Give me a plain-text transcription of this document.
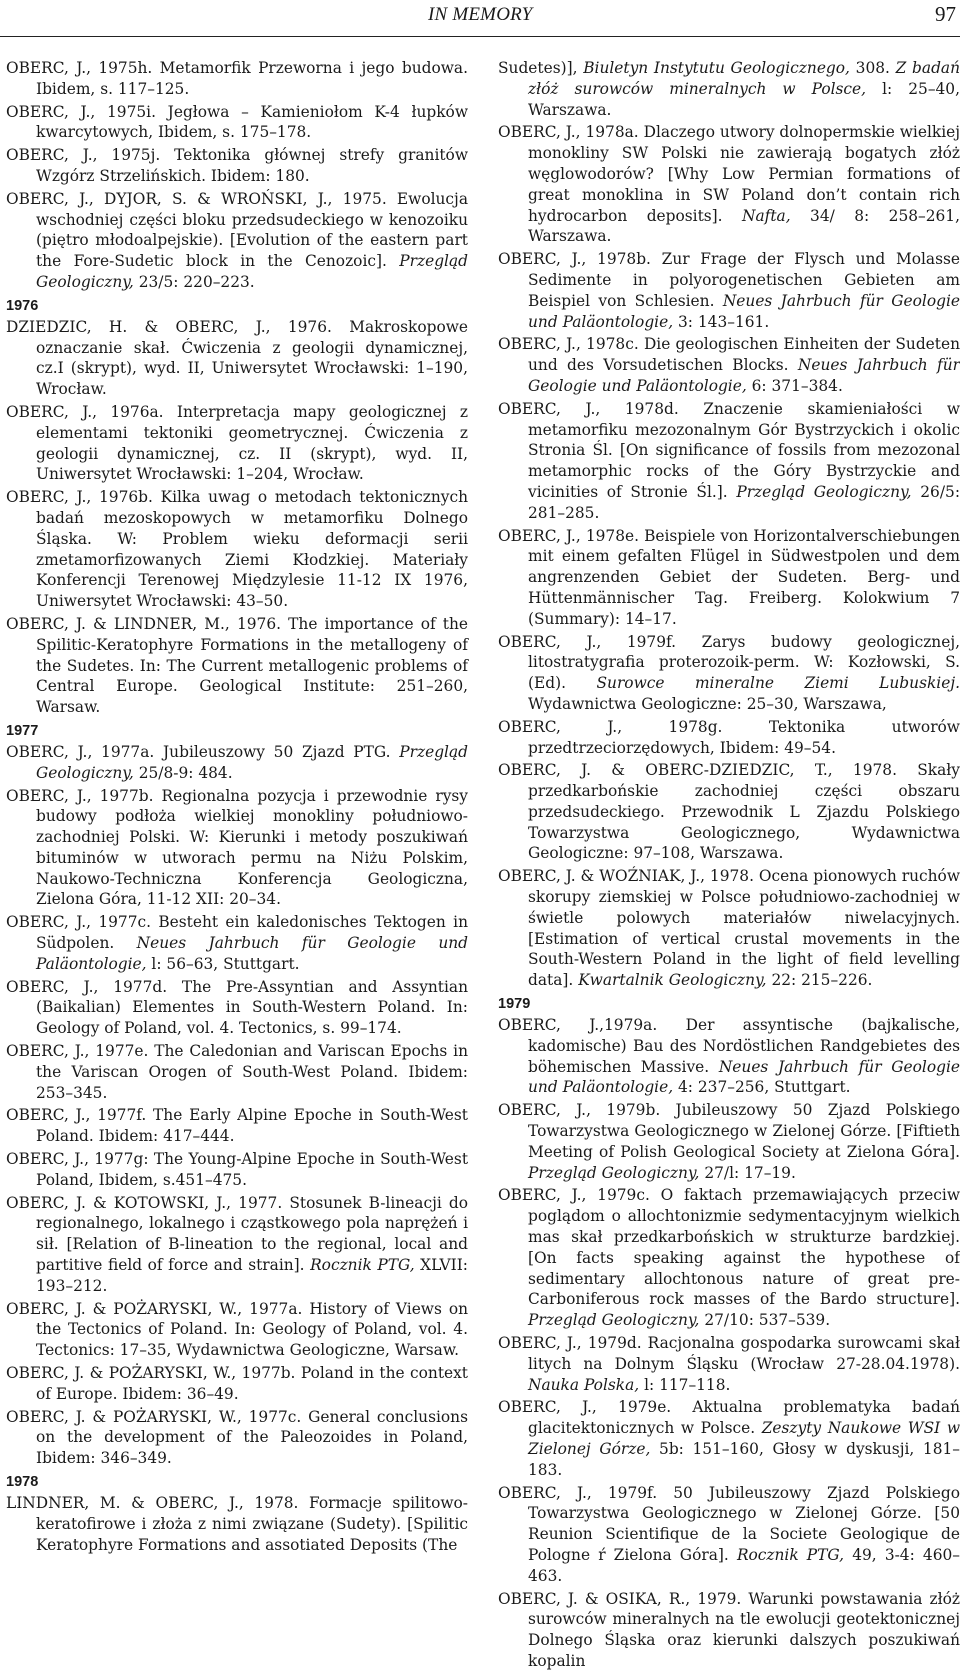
IN MEMORY	97

OBERC, J., 1975h. Metamorfik Przeworna i jego budowa. Ibidem, s. 117–125.

OBERC, J., 1975i. Jegłowa – Kamieniołom K-4 łupków kwarcytowych, Ibidem, s. 175–178.

OBERC, J., 1975j. Tektonika głównej strefy granitów Wzgórz Strzelińskich. Ibidem: 180.

OBERC, J., DYJOR, S. & WROŃSKI, J., 1975. Ewolucja wschodniej części bloku przedsudeckiego w kenozoiku (piętro młodoalpejskie). [Evolution of the eastern part the Fore-Sudetic block in the Cenozoic]. Przegląd Geologiczny, 23/5: 220–223.

1976

DZIEDZIC, H. & OBERC, J., 1976. Makroskopowe oznaczanie skał. Ćwiczenia z geologii dynamicznej, cz.I (skrypt), wyd. II, Uniwersytet Wrocławski: 1–190, Wrocław.

OBERC, J., 1976a. Interpretacja mapy geologicznej z elementami tektoniki geometrycznej. Ćwiczenia z geologii dynamicznej, cz. II (skrypt), wyd. II, Uniwersytet Wrocławski: 1–204, Wrocław.

OBERC, J., 1976b. Kilka uwag o metodach tektonicznych badań mezoskopowych w metamorfiku Dolnego Śląska. W: Problem wieku deformacji serii zmetamorfizowanych Ziemi Kłodzkiej. Materiały Konferencji Terenowej Międzylesie 11-12 IX 1976, Uniwersytet Wrocławski: 43–50.

OBERC, J. & LINDNER, M., 1976. The importance of the Spilitic-Keratophyre Formations in the metallogeny of the Sudetes. In: The Current metallogenic problems of Central Europe. Geological Institute: 251–260, Warsaw.

1977

OBERC, J., 1977a. Jubileuszowy 50 Zjazd PTG. Przegląd Geologiczny, 25/8-9: 484.

OBERC, J., 1977b. Regionalna pozycja i przewodnie rysy budowy podłoża wielkiej monokliny południowo-zachodniej Polski. W: Kierunki i metody poszukiwań bituminów w utworach permu na Niżu Polskim, Naukowo-Techniczna Konferencja Geologiczna, Zielona Góra, 11-12 XII: 20–34.

OBERC, J., 1977c. Besteht ein kaledonisches Tektogen in Südpolen. Neues Jahrbuch für Geologie und Paläontologie, l: 56–63, Stuttgart.

OBERC, J., 1977d. The Pre-Assyntian and Assyntian (Baikalian) Elementes in South-Western Poland. In: Geology of Poland, vol. 4. Tectonics, s. 99–174.

OBERC, J., 1977e. The Caledonian and Variscan Epochs in the Variscan Orogen of South-West Poland. Ibidem: 253–345.

OBERC, J., 1977f. The Early Alpine Epoche in South-West Poland. Ibidem: 417–444.

OBERC, J., 1977g: The Young-Alpine Epoche in South-West Poland, Ibidem, s.451–475.

OBERC, J. & KOTOWSKI, J., 1977. Stosunek B-lineacji do regionalnego, lokalnego i cząstkowego pola naprężeń i sił. [Relation of B-lineation to the regional, local and partitive field of force and strain]. Rocznik PTG, XLVII: 193–212.

OBERC, J. & POŻARYSKI, W., 1977a. History of Views on the Tectonics of Poland. In: Geology of Poland, vol. 4. Tectonics: 17–35, Wydawnictwa Geologiczne, Warsaw.

OBERC, J. & POŻARYSKI, W., 1977b. Poland in the context of Europe. Ibidem: 36–49.

OBERC, J. & POŻARYSKI, W., 1977c. General conclusions on the development of the Paleozoides in Poland, Ibidem: 346–349.

1978

LINDNER, M. & OBERC, J., 1978. Formacje spilitowo-keratofirowe i złoża z nimi związane (Sudety). [Spilitic Keratophyre Formations and assotiated Deposits (The

Sudetes)], Biuletyn Instytutu Geologicznego, 308. Z badań złóż surowców mineralnych w Polsce, l: 25–40, Warszawa.

OBERC, J., 1978a. Dlaczego utwory dolnopermskie wielkiej monokliny SW Polski nie zawierają bogatych złóż węglowodorów? [Why Low Permian formations of great monoklina in SW Poland don’t contain rich hydrocarbon deposits]. Nafta, 34/ 8: 258–261, Warszawa.

OBERC, J., 1978b. Zur Frage der Flysch und Molasse Sedimente in polyorogenetischen Gebieten am Beispiel von Schlesien. Neues Jahrbuch für Geologie und Paläontologie, 3: 143–161.

OBERC, J., 1978c. Die geologischen Einheiten der Sudeten und des Vorsudetischen Blocks. Neues Jahrbuch für Geologie und Paläontologie, 6: 371–384.

OBERC, J., 1978d. Znaczenie skamieniałości w metamorfiku mezozonalnym Gór Bystrzyckich i okolic Stronia Śl. [On significance of fossils from mezozonal metamorphic rocks of the Góry Bystrzyckie and vicinities of Stronie Śl.]. Przegląd Geologiczny, 26/5: 281–285.

OBERC, J., 1978e. Beispiele von Horizontalverschiebungen mit einem gefalten Flügel in Südwestpolen und dem angrenzenden Gebiet der Sudeten. Berg- und Hüttenmännischer Tag. Freiberg. Kolokwium 7 (Summary): 14–17.

OBERC, J., 1979f. Zarys budowy geologicznej, litostratygrafia proterozoik-perm. W: Kozłowski, S. (Ed). Surowce mineralne Ziemi Lubuskiej. Wydawnictwa Geologiczne: 25–30, Warszawa,

OBERC, J., 1978g. Tektonika utworów przedtrzeciorzędowych, Ibidem: 49–54.

OBERC, J. & OBERC-DZIEDZIC, T., 1978. Skały przedkarbońskie zachodniej części obszaru przedsudeckiego. Przewodnik L Zjazdu Polskiego Towarzystwa Geologicznego, Wydawnictwa Geologiczne: 97–108, Warszawa.

OBERC, J. & WOŹNIAK, J., 1978. Ocena pionowych ruchów skorupy ziemskiej w Polsce południowo-zachodniej w świetle polowych materiałów niwelacyjnych. [Estimation of vertical crustal movements in the South-Western Poland in the light of field levelling data]. Kwartalnik Geologiczny, 22: 215–226.

1979

OBERC, J.,1979a. Der assyntische (bajkalische, kadomische) Bau des Nordöstlichen Randgebietes des böhemischen Massive. Neues Jahrbuch für Geologie und Paläontologie, 4: 237–256, Stuttgart.

OBERC, J., 1979b. Jubileuszowy 50 Zjazd Polskiego Towarzystwa Geologicznego w Zielonej Górze. [Fiftieth Meeting of Polish Geological Society at Zielona Góra]. Przegląd Geologiczny, 27/l: 17–19.

OBERC, J., 1979c. O faktach przemawiających przeciw poglądom o allochtonizmie sedymentacyjnym wielkich mas skał przedkarbońskich w strukturze bardzkiej. [On facts speaking against the hypothese of sedimentary allochtonous nature of great pre-Carboniferous rock masses of the Bardo structure]. Przegląd Geologiczny, 27/10: 537–539.

OBERC, J., 1979d. Racjonalna gospodarka surowcami skał litych na Dolnym Śląsku (Wrocław 27-28.04.1978). Nauka Polska, l: 117–118.

OBERC, J., 1979e. Aktualna problematyka badań glacitektonicznych w Polsce. Zeszyty Naukowe WSI w Zielonej Górze, 5b: 151–160, Głosy w dyskusji, 181–183.

OBERC, J., 1979f. 50 Jubileuszowy Zjazd Polskiego Towarzystwa Geologicznego w Zielonej Górze. [50 Reunion Scientifique de la Societe Geologique de Pologne ŕ Zielona Góra]. Rocznik PTG, 49, 3-4: 460–463.

OBERC, J. & OSIKA, R., 1979. Warunki powstawania złóż surowców mineralnych na tle ewolucji geotektonicznej Dolnego Śląska oraz kierunki dalszych poszukiwań kopalin
